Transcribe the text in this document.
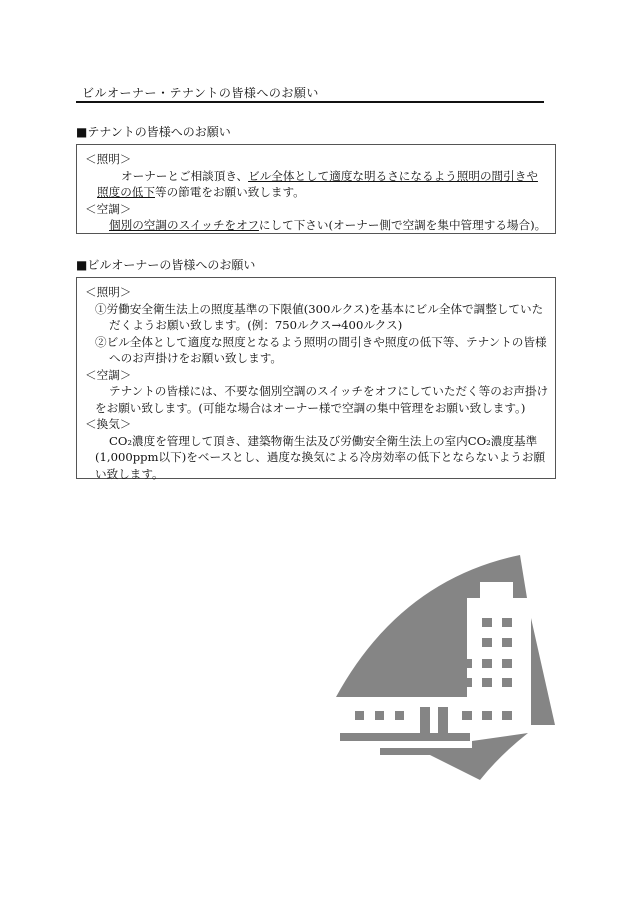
ビルオーナー・テナントの皆様へのお願い
■テナントの皆様へのお願い
＜照明＞
オーナーとご相談頂き、ビル全体として適度な明るさになるよう照明の間引きや照度の低下等の節電をお願い致します。
＜空調＞
個別の空調のスイッチをオフにして下さい(オーナー側で空調を集中管理する場合)。
■ビルオーナーの皆様へのお願い
＜照明＞
①労働安全衛生法上の照度基準の下限値(300ルクス)を基本にビル全体で調整していただくようお願い致します。(例：750ルクス→400ルクス)
②ビル全体として適度な照度となるよう照明の間引きや照度の低下等、テナントの皆様へのお声掛けをお願い致します。
＜空調＞
テナントの皆様には、不要な個別空調のスイッチをオフにしていただく等のお声掛けをお願い致します。(可能な場合はオーナー様で空調の集中管理をお願い致します。)
＜換気＞
CO₂濃度を管理して頂き、建築物衛生法及び労働安全衛生法上の室内CO₂濃度基準(1,000ppm以下)をベースとし、過度な換気による冷房効率の低下とならないようお願い致します。
